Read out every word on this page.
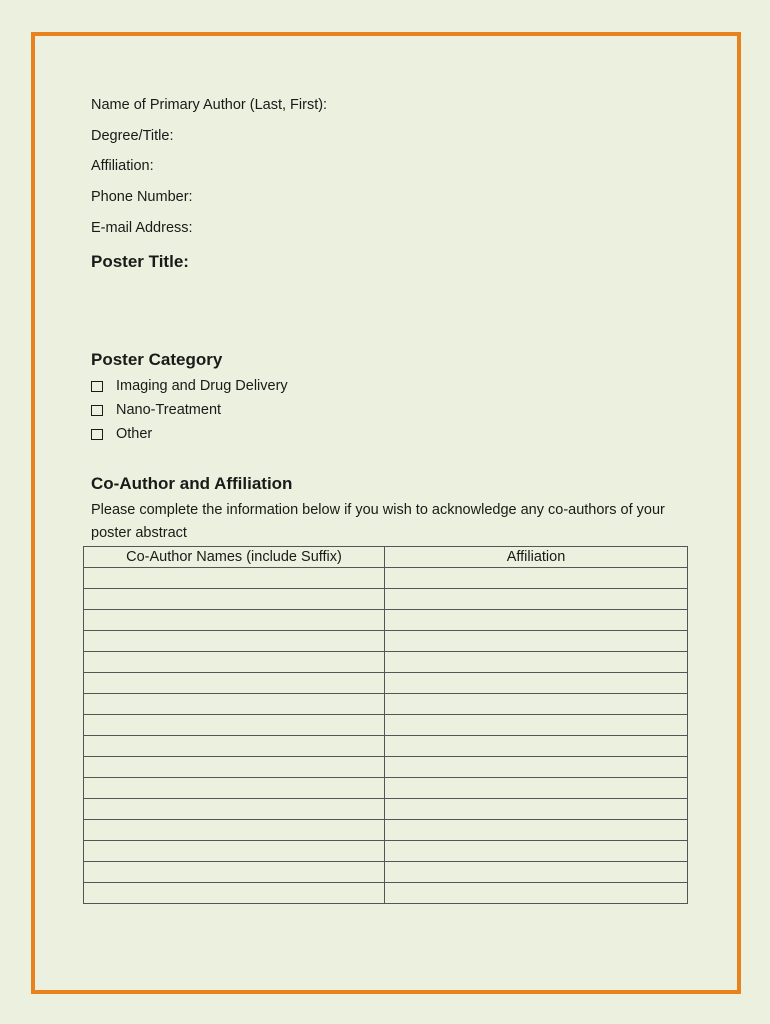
Name of Primary Author (Last, First):
Degree/Title:
Affiliation:
Phone Number:
E-mail Address:
Poster Title:
Poster Category
Imaging and Drug Delivery
Nano-Treatment
Other
Co-Author and Affiliation
Please complete the information below if you wish to acknowledge any co-authors of your poster abstract
Co-Author Names (include Suffix)	Affiliation
